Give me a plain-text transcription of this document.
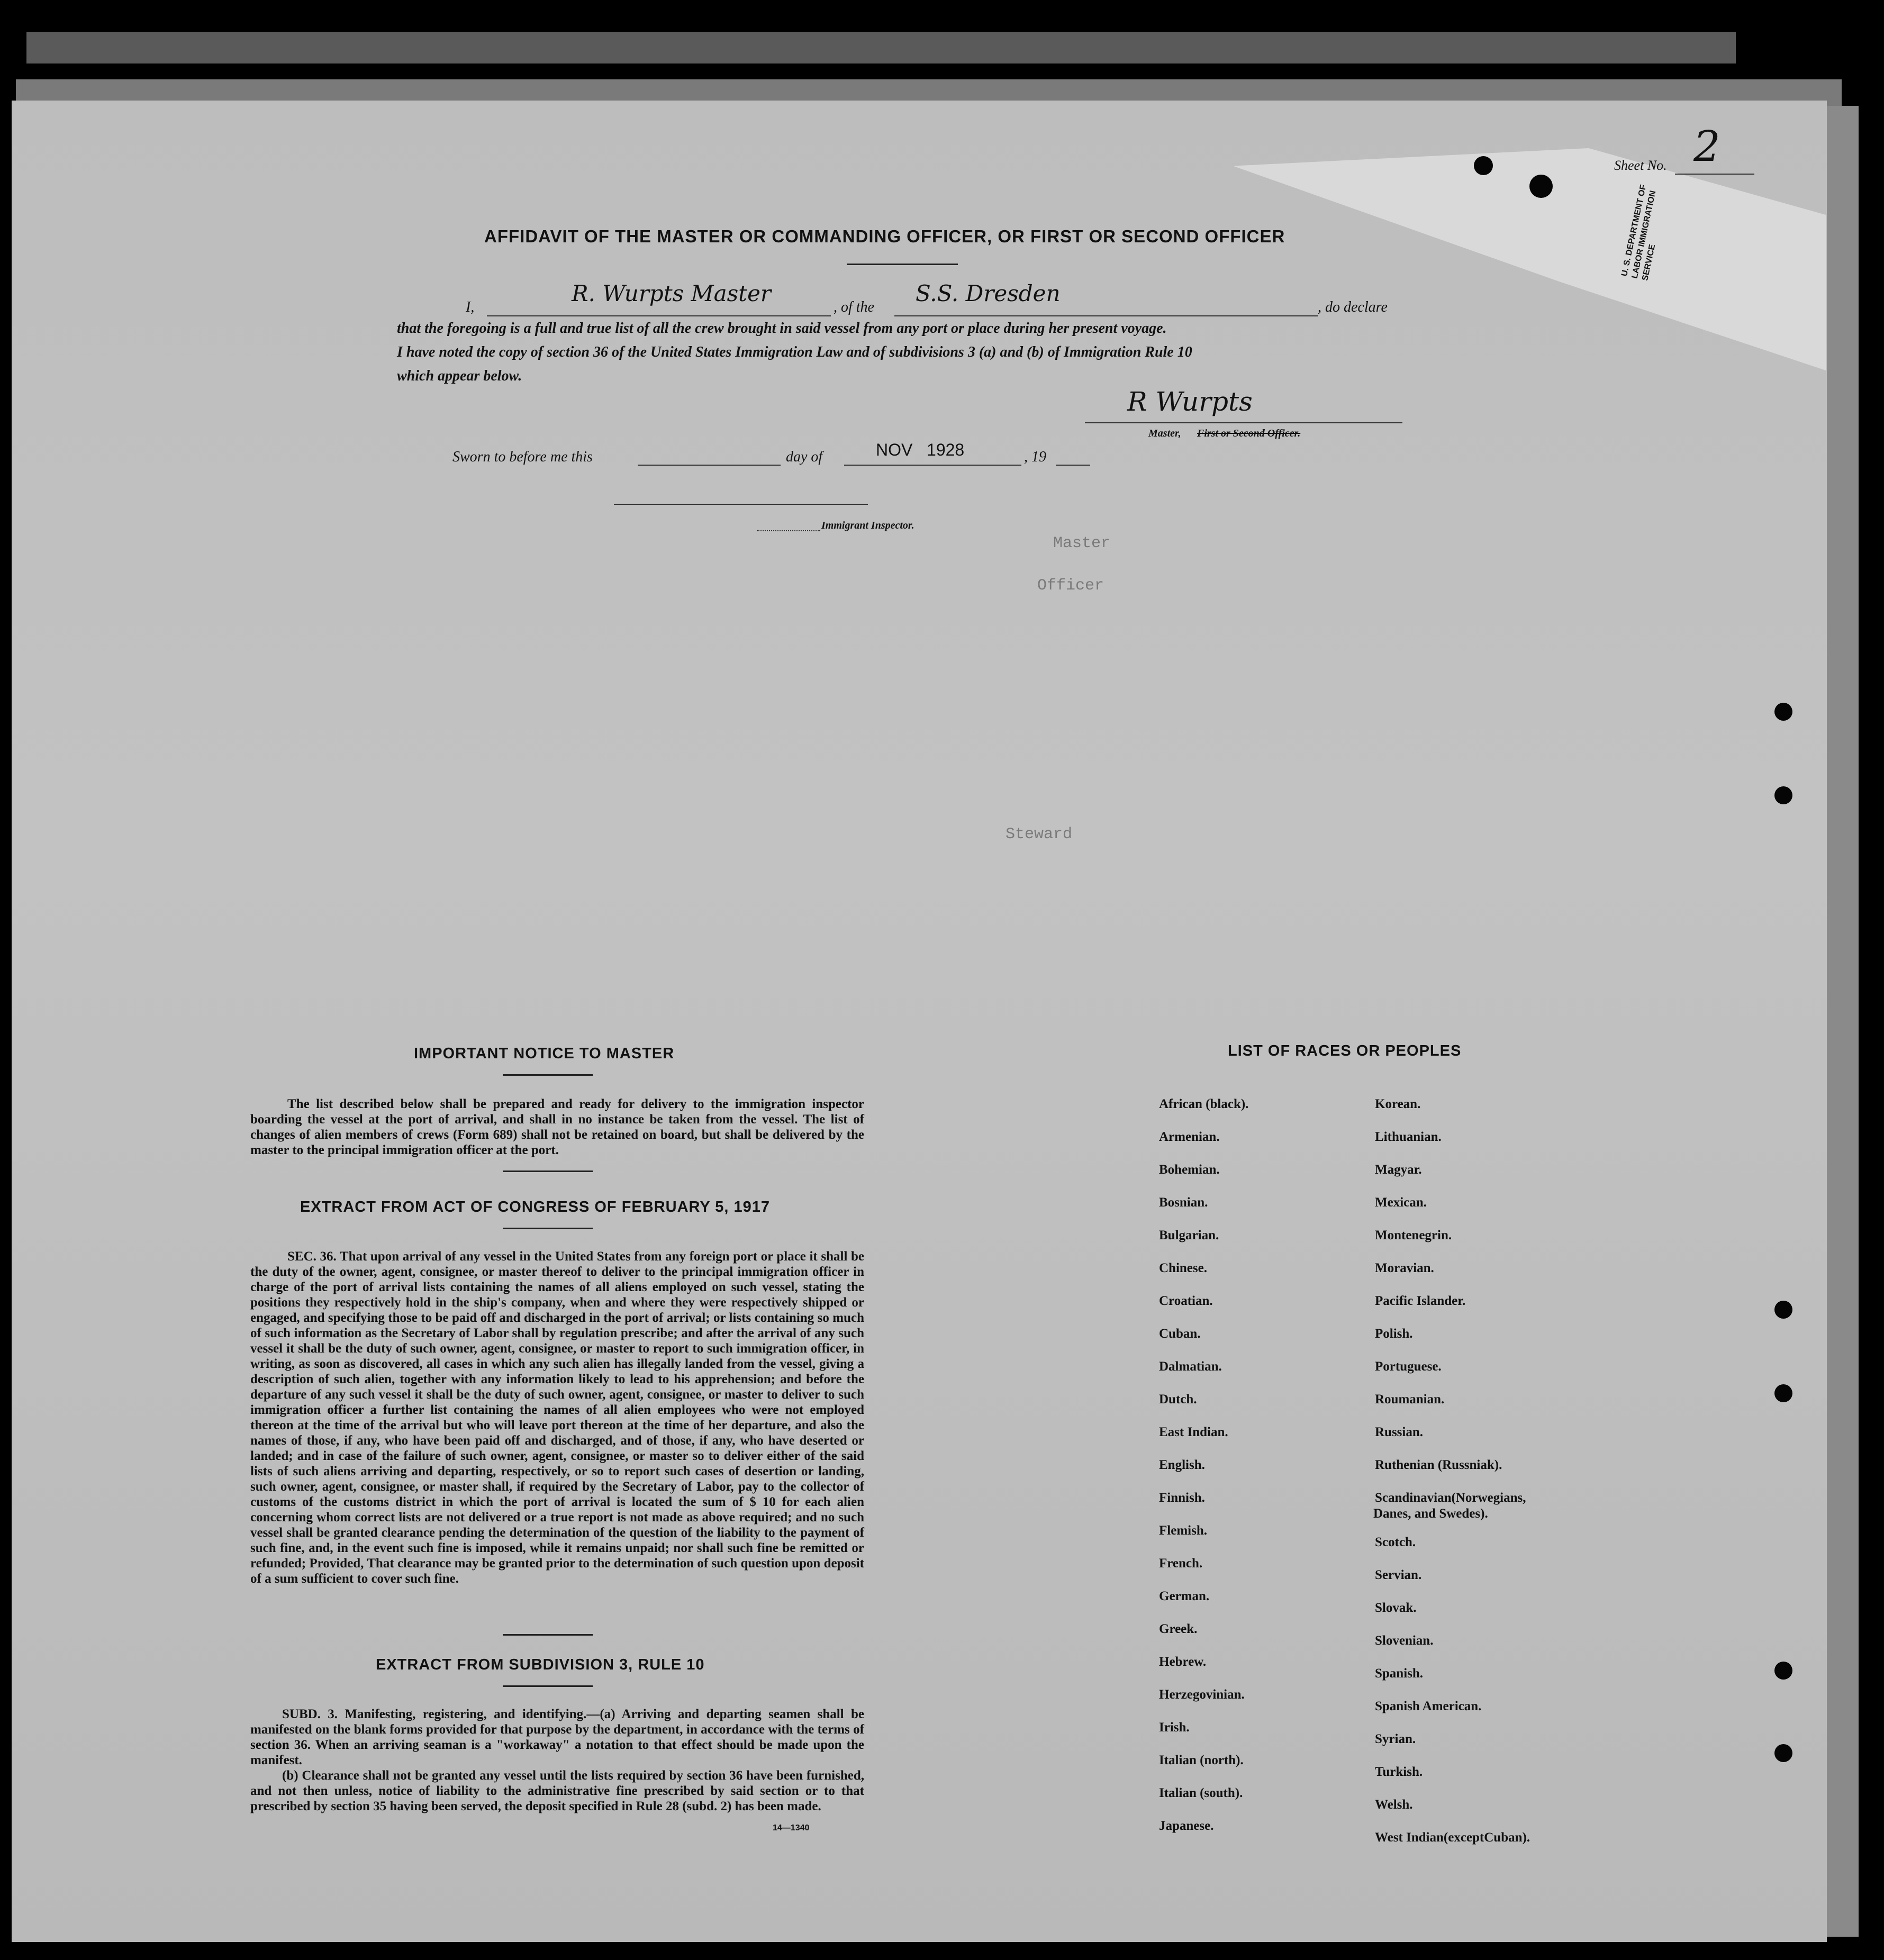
Master
Officer
Steward
Sheet No. 2
U. S. DEPARTMENT OF LABOR IMMIGRATION SERVICE
AFFIDAVIT OF THE MASTER OR COMMANDING OFFICER, OR FIRST OR SECOND OFFICER
I,
R. Wurpts Master
, of the
S.S. Dresden
, do declare
that the foregoing is a full and true list of all the crew brought in said vessel from any port or place during her present voyage.
I have noted the copy of section 36 of the United States Immigration Law and of subdivisions 3 (a) and (b) of Immigration Rule 10
which appear below.
R Wurpts
Master, First or Second Officer.
Sworn to before me this	day of	NOV   1928	, 19
Immigrant Inspector.
IMPORTANT NOTICE TO MASTER
The list described below shall be prepared and ready for delivery to the immigration inspector boarding the vessel at the port of arrival, and shall in no instance be taken from the vessel. The list of changes of alien members of crews (Form 689) shall not be retained on board, but shall be delivered by the master to the principal immigration officer at the port.
EXTRACT FROM ACT OF CONGRESS OF FEBRUARY 5, 1917
SEC. 36. That upon arrival of any vessel in the United States from any foreign port or place it shall be the duty of the owner, agent, consignee, or master thereof to deliver to the principal immigration officer in charge of the port of arrival lists containing the names of all aliens employed on such vessel, stating the positions they respectively hold in the ship's company, when and where they were respectively shipped or engaged, and specifying those to be paid off and discharged in the port of arrival; or lists containing so much of such information as the Secretary of Labor shall by regulation prescribe; and after the arrival of any such vessel it shall be the duty of such owner, agent, consignee, or master to report to such immigration officer, in writing, as soon as discovered, all cases in which any such alien has illegally landed from the vessel, giving a description of such alien, together with any information likely to lead to his apprehension; and before the departure of any such vessel it shall be the duty of such owner, agent, consignee, or master to deliver to such immigration officer a further list containing the names of all alien employees who were not employed thereon at the time of the arrival but who will leave port thereon at the time of her departure, and also the names of those, if any, who have been paid off and discharged, and of those, if any, who have deserted or landed; and in case of the failure of such owner, agent, consignee, or master so to deliver either of the said lists of such aliens arriving and departing, respectively, or so to report such cases of desertion or landing, such owner, agent, consignee, or master shall, if required by the Secretary of Labor, pay to the collector of customs of the customs district in which the port of arrival is located the sum of $ 10 for each alien concerning whom correct lists are not delivered or a true report is not made as above required; and no such vessel shall be granted clearance pending the determination of the question of the liability to the payment of such fine, and, in the event such fine is imposed, while it remains unpaid; nor shall such fine be remitted or refunded; Provided, That clearance may be granted prior to the determination of such question upon deposit of a sum sufficient to cover such fine.
EXTRACT FROM SUBDIVISION 3, RULE 10
SUBD. 3. Manifesting, registering, and identifying.—(a) Arriving and departing seamen shall be manifested on the blank forms provided for that purpose by the department, in accordance with the terms of section 36. When an arriving seaman is a "workaway" a notation to that effect should be made upon the manifest.
(b) Clearance shall not be granted any vessel until the lists required by section 36 have been furnished, and not then unless, notice of liability to the administrative fine prescribed by said section or to that prescribed by section 35 having been served, the deposit specified in Rule 28 (subd. 2) has been made.
14—1340
LIST OF RACES OR PEOPLES
African (black).
Armenian.
Bohemian.
Bosnian.
Bulgarian.
Chinese.
Croatian.
Cuban.
Dalmatian.
Dutch.
East Indian.
English.
Finnish.
Flemish.
French.
German.
Greek.
Hebrew.
Herzegovinian.
Irish.
Italian (north).
Italian (south).
Japanese.
Korean.
Lithuanian.
Magyar.
Mexican.
Montenegrin.
Moravian.
Pacific Islander.
Polish.
Portuguese.
Roumanian.
Russian.
Ruthenian (Russniak).
Scandinavian(Norwegians,
Scotch.
Servian.
Slovak.
Slovenian.
Spanish.
Spanish American.
Syrian.
Turkish.
Welsh.
West Indian(exceptCuban).
Danes, and Swedes).
